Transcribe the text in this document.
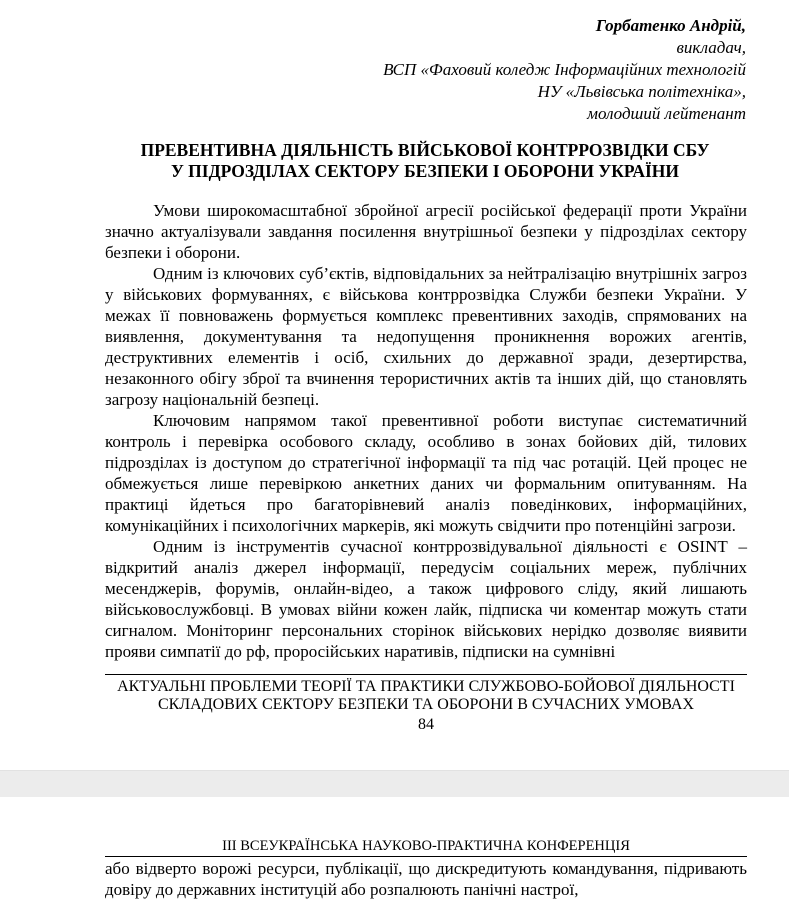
Горбатенко Андрій,
викладач,
ВСП «Фаховий коледж Інформаційних технологій
НУ «Львівська політехніка»,
молодший лейтенант
ПРЕВЕНТИВНА ДІЯЛЬНІСТЬ ВІЙСЬКОВОЇ КОНТРРОЗВІДКИ СБУ
У ПІДРОЗДІЛАХ СЕКТОРУ БЕЗПЕКИ І ОБОРОНИ УКРАЇНИ

Умови широкомасштабної збройної агресії російської федерації проти України значно актуалізували завдання посилення внутрішньої безпеки у підрозділах сектору безпеки і оборони.

Одним із ключових суб’єктів, відповідальних за нейтралізацію внутрішніх загроз у військових формуваннях, є військова контррозвідка Служби безпеки України. У межах її повноважень формується комплекс превентивних заходів, спрямованих на виявлення, документування та недопущення проникнення ворожих агентів, деструктивних елементів і осіб, схильних до державної зради, дезертирства, незаконного обігу зброї та вчинення терористичних актів та інших дій, що становлять загрозу національній безпеці.

Ключовим напрямом такої превентивної роботи виступає систематичний контроль і перевірка особового складу, особливо в зонах бойових дій, тилових підрозділах із доступом до стратегічної інформації та під час ротацій. Цей процес не обмежується лише перевіркою анкетних даних чи формальним опитуванням. На практиці йдеться про багаторівневий аналіз поведінкових, інформаційних, комунікаційних і психологічних маркерів, які можуть свідчити про потенційні загрози.

Одним із інструментів сучасної контррозвідувальної діяльності є OSINT – відкритий аналіз джерел інформації, передусім соціальних мереж, публічних месенджерів, форумів, онлайн-відео, а також цифрового сліду, який лишають військовослужбовці. В умовах війни кожен лайк, підписка чи коментар можуть стати сигналом. Моніторинг персональних сторінок військових нерідко дозволяє виявити прояви симпатії до рф, проросійських наративів, підписки на сумнівні

АКТУАЛЬНІ ПРОБЛЕМИ ТЕОРІЇ ТА ПРАКТИКИ СЛУЖБОВО-БОЙОВОЇ ДІЯЛЬНОСТІ
СКЛАДОВИХ СЕКТОРУ БЕЗПЕКИ ТА ОБОРОНИ В СУЧАСНИХ УМОВАХ
84
ІІІ ВСЕУКРАЇНСЬКА НАУКОВО-ПРАКТИЧНА КОНФЕРЕНЦІЯ

або відверто ворожі ресурси, публікації, що дискредитують командування, підривають довіру до державних інституцій або розпалюють панічні настрої,
